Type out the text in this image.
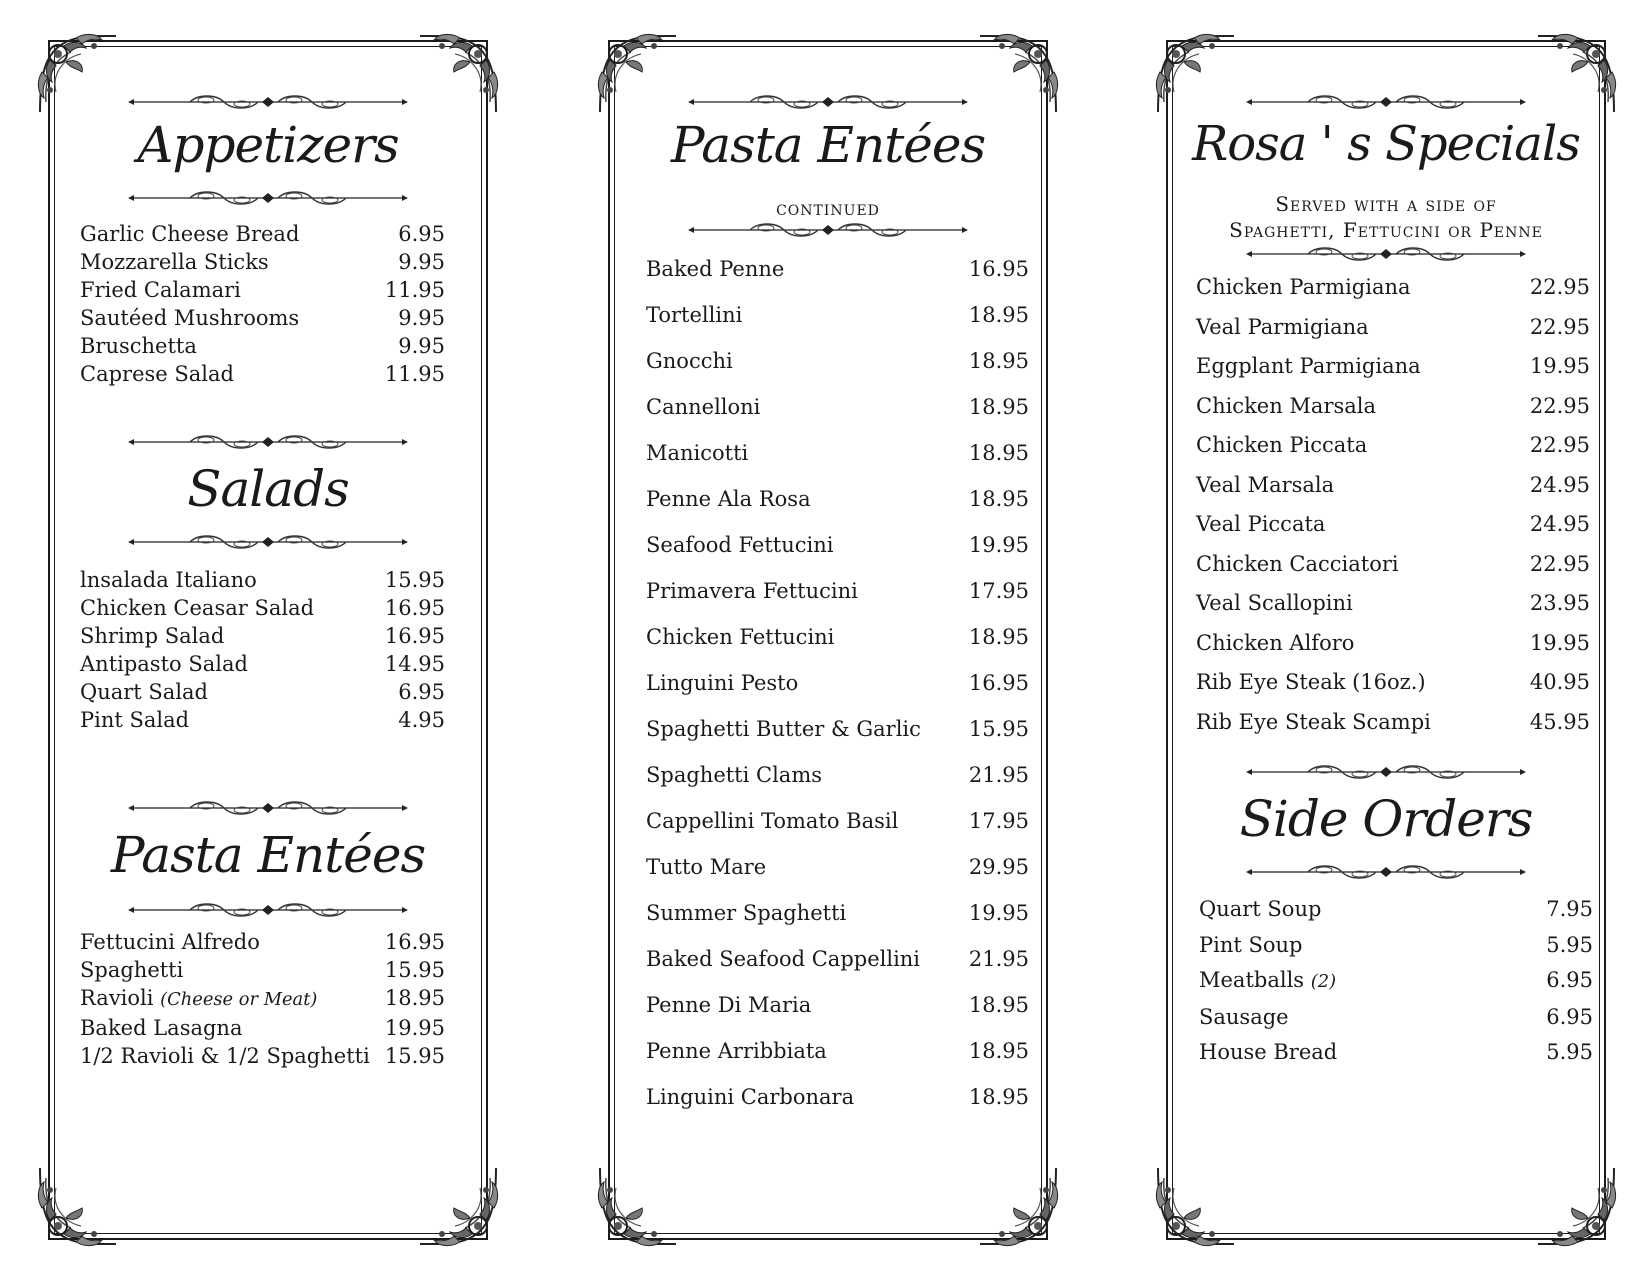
Appetizers
Garlic Cheese Bread	6.95
Mozzarella Sticks	9.95
Fried Calamari	11.95
Sautéed Mushrooms	9.95
Bruschetta	9.95
Caprese Salad	11.95
Salads
lnsalada Italiano	15.95
Chicken Ceasar Salad	16.95
Shrimp Salad	16.95
Antipasto Salad	14.95
Quart Salad	6.95
Pint Salad	4.95
Pasta Entées
Fettucini Alfredo	16.95
Spaghetti	15.95
Ravioli (Cheese or Meat)	18.95
Baked Lasagna	19.95
1/2 Ravioli & 1/2 Spaghetti 15.95
Pasta Entées
continued
Baked Penne	16.95
Tortellini	18.95
Gnocchi	18.95
Cannelloni	18.95
Manicotti	18.95
Penne Ala Rosa	18.95
Seafood Fettucini	19.95
Primavera Fettucini	17.95
Chicken Fettucini	18.95
Linguini Pesto	16.95
Spaghetti Butter & Garlic 15.95
Spaghetti Clams	21.95
Cappellini Tomato Basil	17.95
Tutto Mare	29.95
Summer Spaghetti	19.95
Baked Seafood Cappellini 21.95
Penne Di Maria	18.95
Penne Arribbiata	18.95
Linguini Carbonara	18.95
Rosa ' s Specials
Served with a side of
Spaghetti, Fettucini or Penne
Chicken Parmigiana	22.95
Veal Parmigiana	22.95
Eggplant Parmigiana	19.95
Chicken Marsala	22.95
Chicken Piccata	22.95
Veal Marsala	24.95
Veal Piccata	24.95
Chicken Cacciatori	22.95
Veal Scallopini	23.95
Chicken Alforo	19.95
Rib Eye Steak (16oz.)	40.95
Rib Eye Steak Scampi	45.95
Side Orders
Quart Soup	7.95
Pint Soup	5.95
Meatballs (2)	6.95
Sausage	6.95
House Bread	5.95
